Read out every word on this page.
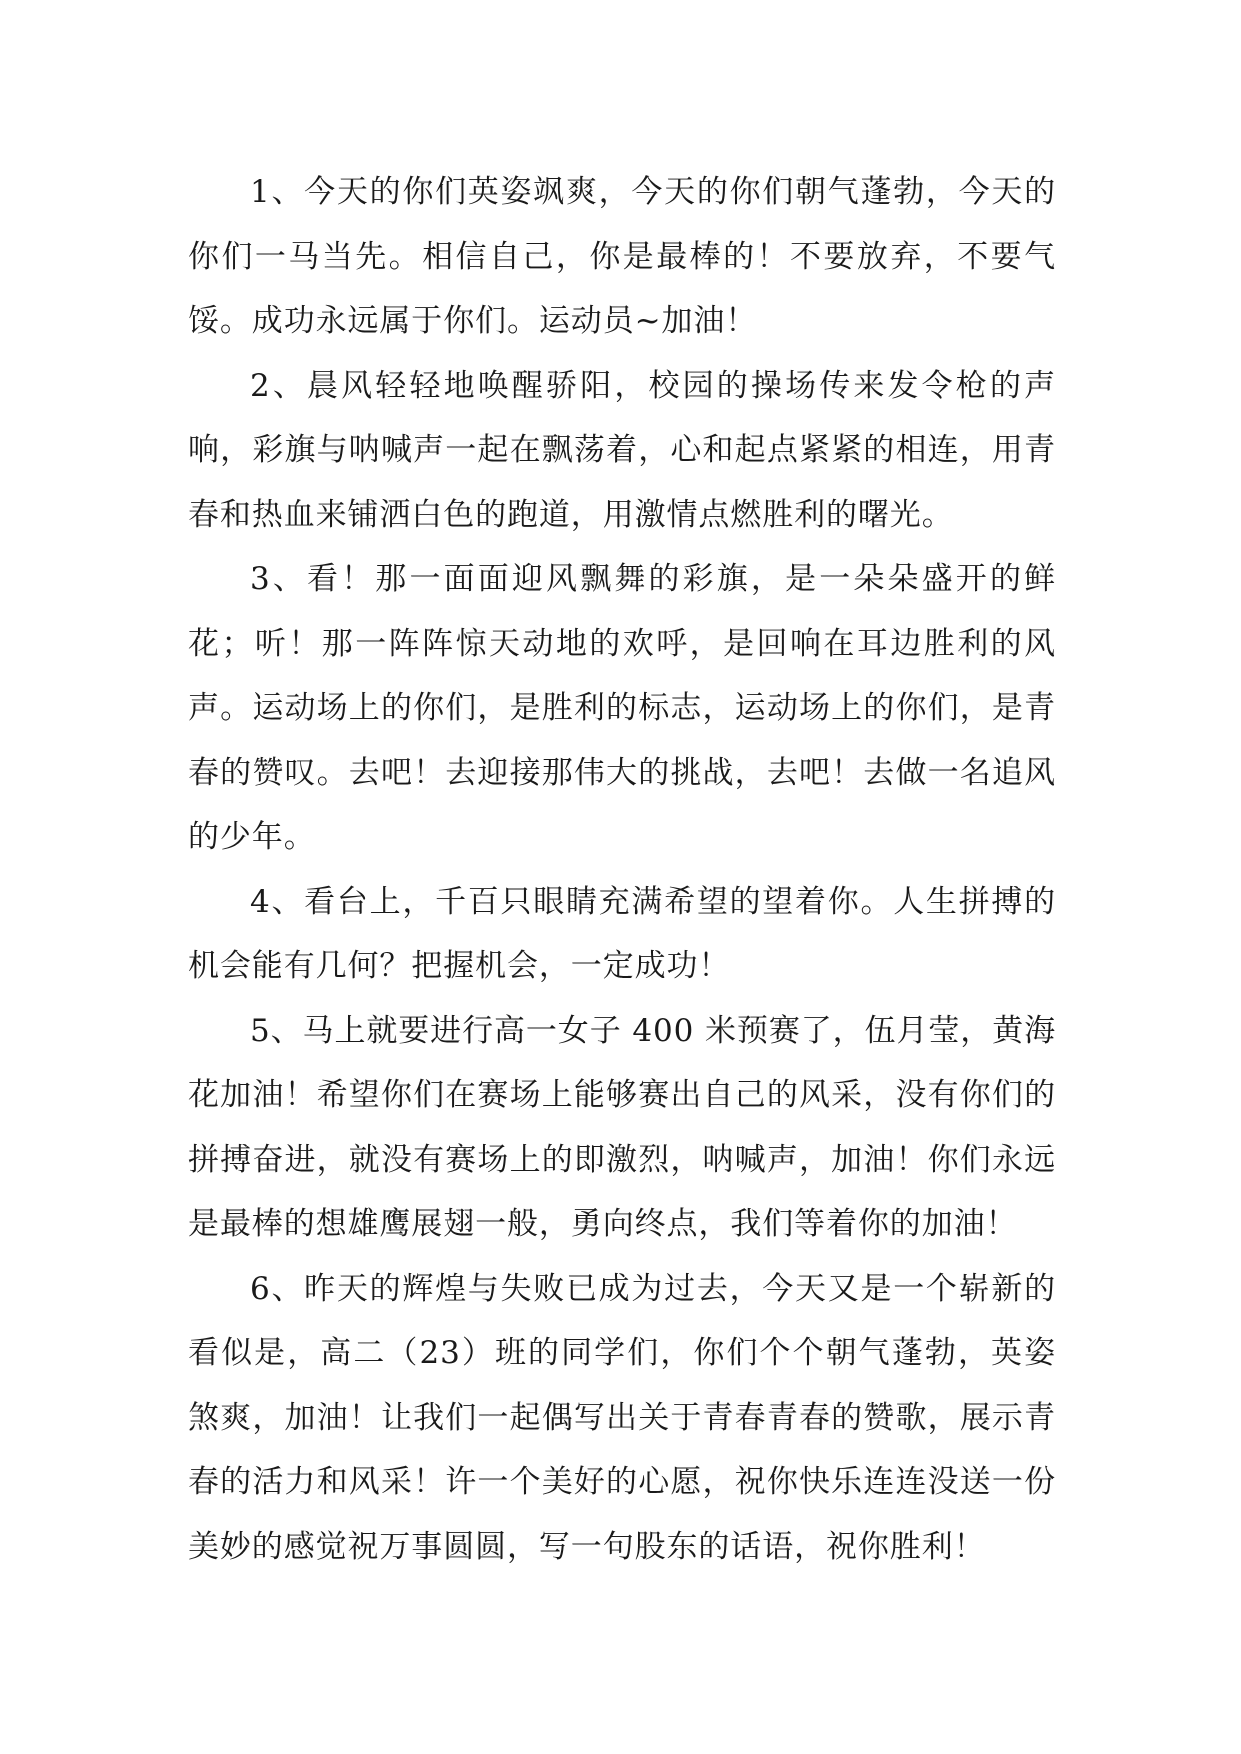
1、今天的你们英姿飒爽，今天的你们朝气蓬勃，今天的你们一马当先。相信自己，你是最棒的！不要放弃，不要气馁。成功永远属于你们。运动员~加油！

2、晨风轻轻地唤醒骄阳，校园的操场传来发令枪的声响，彩旗与呐喊声一起在飘荡着，心和起点紧紧的相连，用青春和热血来铺洒白色的跑道，用激情点燃胜利的曙光。

3、看！那一面面迎风飘舞的彩旗，是一朵朵盛开的鲜花；听！那一阵阵惊天动地的欢呼，是回响在耳边胜利的风声。运动场上的你们，是胜利的标志，运动场上的你们，是青春的赞叹。去吧！去迎接那伟大的挑战，去吧！去做一名追风的少年。

4、看台上，千百只眼睛充满希望的望着你。人生拼搏的机会能有几何？把握机会，一定成功！

5、马上就要进行高一女子 400 米预赛了，伍月莹，黄海花加油！希望你们在赛场上能够赛出自己的风采，没有你们的拼搏奋进，就没有赛场上的即激烈，呐喊声，加油！你们永远是最棒的想雄鹰展翅一般，勇向终点，我们等着你的加油！

6、昨天的辉煌与失败已成为过去，今天又是一个崭新的看似是，高二（23）班的同学们，你们个个朝气蓬勃，英姿煞爽，加油！让我们一起偶写出关于青春青春的赞歌，展示青春的活力和风采！许一个美好的心愿，祝你快乐连连没送一份美妙的感觉祝万事圆圆，写一句股东的话语，祝你胜利！
